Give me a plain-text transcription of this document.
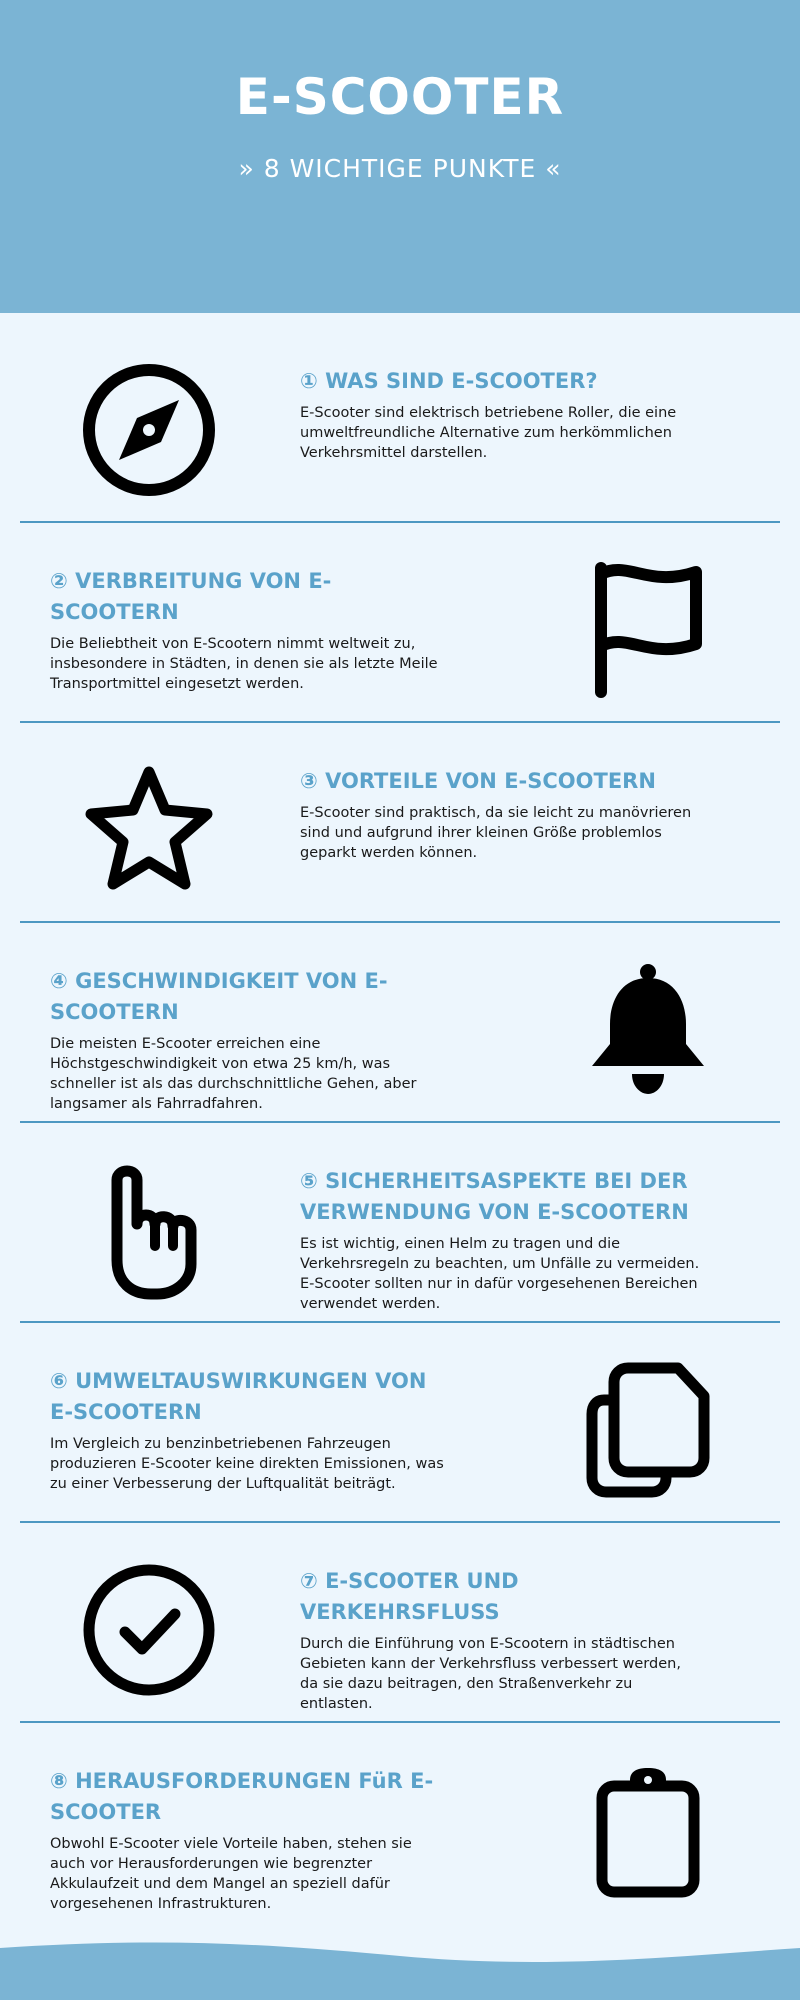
E-SCOOTER
» 8 WICHTIGE PUNKTE «
① WAS SIND E-SCOOTER?
E-Scooter sind elektrisch betriebene Roller, die eine umweltfreundliche Alternative zum herkömmlichen Verkehrsmittel darstellen.
② VERBREITUNG VON E-SCOOTERN
Die Beliebtheit von E-Scootern nimmt weltweit zu, insbesondere in Städten, in denen sie als letzte Meile Transportmittel eingesetzt werden.
③ VORTEILE VON E-SCOOTERN
E-Scooter sind praktisch, da sie leicht zu manövrieren sind und aufgrund ihrer kleinen Größe problemlos geparkt werden können.
④ GESCHWINDIGKEIT VON E-SCOOTERN
Die meisten E-Scooter erreichen eine Höchstgeschwindigkeit von etwa 25 km/h, was schneller ist als das durchschnittliche Gehen, aber langsamer als Fahrradfahren.
⑤ SICHERHEITSASPEKTE BEI DER VERWENDUNG VON E-SCOOTERN
Es ist wichtig, einen Helm zu tragen und die Verkehrsregeln zu beachten, um Unfälle zu vermeiden. E-Scooter sollten nur in dafür vorgesehenen Bereichen verwendet werden.
⑥ UMWELTAUSWIRKUNGEN VON E-SCOOTERN
Im Vergleich zu benzinbetriebenen Fahrzeugen produzieren E-Scooter keine direkten Emissionen, was zu einer Verbesserung der Luftqualität beiträgt.
⑦ E-SCOOTER UND VERKEHRSFLUSS
Durch die Einführung von E-Scootern in städtischen Gebieten kann der Verkehrsfluss verbessert werden, da sie dazu beitragen, den Straßenverkehr zu entlasten.
⑧ HERAUSFORDERUNGEN FüR E-SCOOTER
Obwohl E-Scooter viele Vorteile haben, stehen sie auch vor Herausforderungen wie begrenzter Akkulaufzeit und dem Mangel an speziell dafür vorgesehenen Infrastrukturen.
